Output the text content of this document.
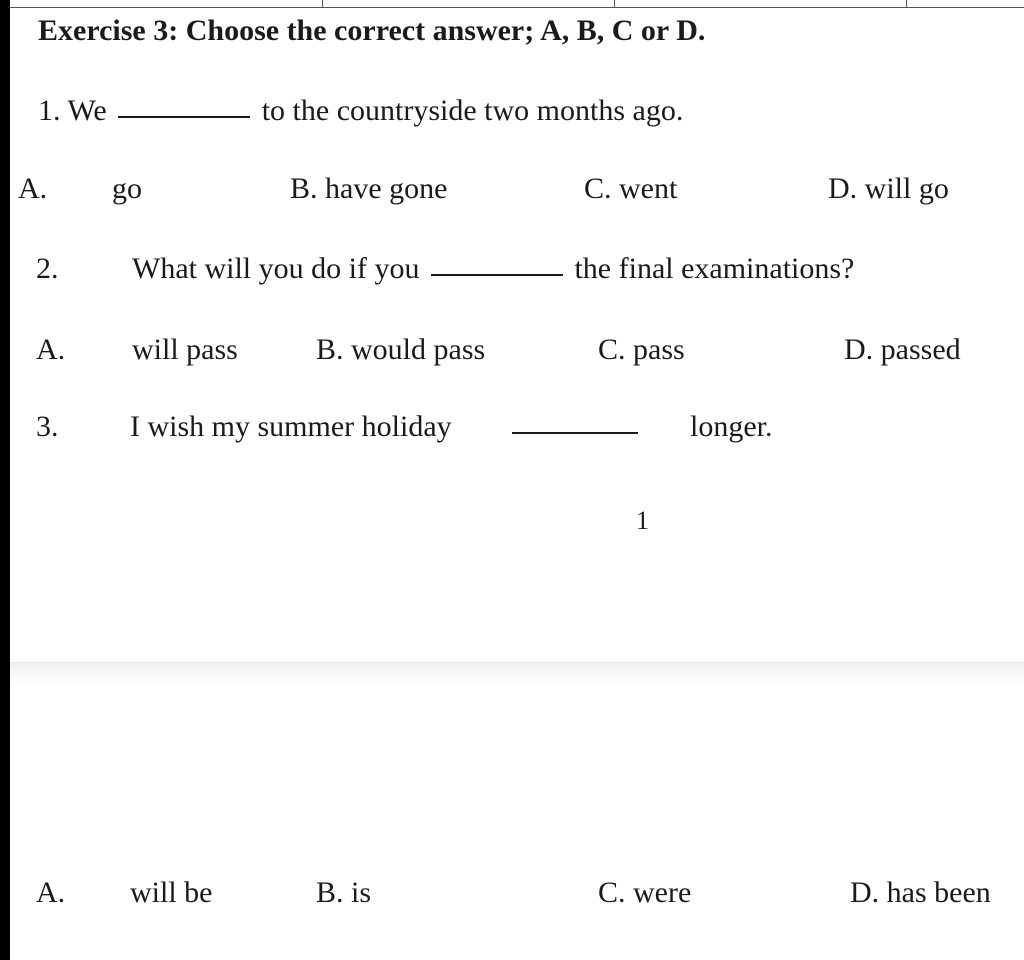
Exercise 3: Choose the correct answer; A, B, C or D.
1. We	to the countryside two months ago.
A. go	B. have gone	C. went	D. will go
2. What will you do if you	the final examinations?
A. will pass	B. would pass	C. pass	D. passed
3. I wish my summer holiday	longer.
1
A. will be	B. is	C. were	D. has been
